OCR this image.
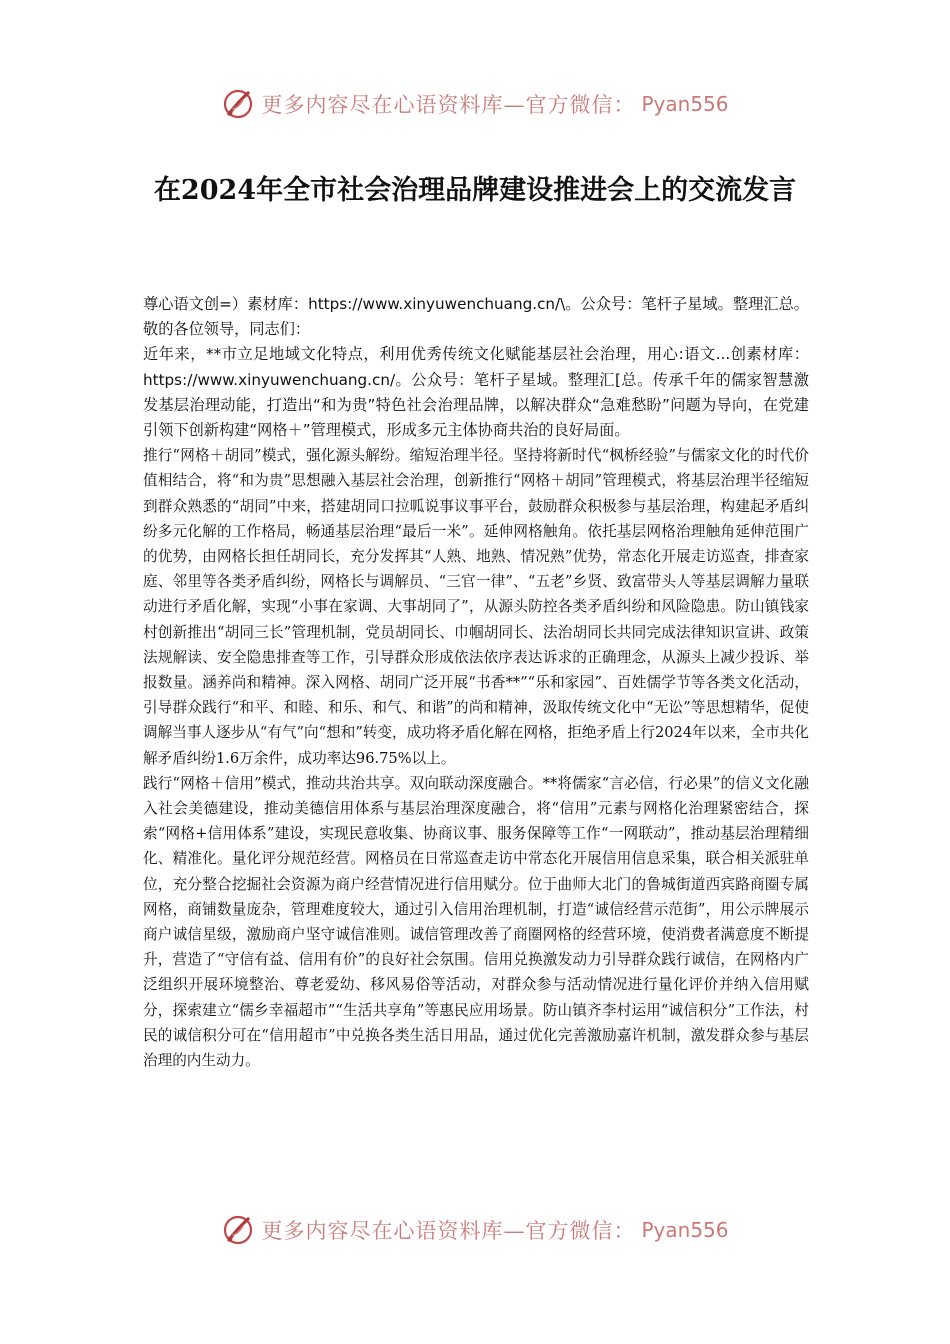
更多内容尽在心语资料库—官方微信： Pyan556
在2024年全市社会治理品牌建设推进会上的交流发言

尊心语文创=）素材库：https://www.xinyuwenchuang.cn/\。公众号：笔杆子星域。整理汇总。敬的各位领导，同志们：

近年来，**市立足地域文化特点，利用优秀传统文化赋能基层社会治理，用心:语文...创素材库：https://www.xinyuwenchuang.cn/。公众号：笔杆子星域。整理汇[总。传承千年的儒家智慧激发基层治理动能，打造出“和为贵”特色社会治理品牌，以解决群众“急难愁盼”问题为导向，在党建引领下创新构建“网格＋”管理模式，形成多元主体协商共治的良好局面。

推行“网格＋胡同”模式，强化源头解纷。缩短治理半径。坚持将新时代“枫桥经验”与儒家文化的时代价值相结合，将“和为贵”思想融入基层社会治理，创新推行“网格＋胡同”管理模式，将基层治理半径缩短到群众熟悉的“胡同”中来，搭建胡同口拉呱说事议事平台，鼓励群众积极参与基层治理，构建起矛盾纠纷多元化解的工作格局，畅通基层治理“最后一米”。延伸网格触角。依托基层网格治理触角延伸范围广的优势，由网格长担任胡同长，充分发挥其“人熟、地熟、情况熟”优势，常态化开展走访巡查，排查家庭、邻里等各类矛盾纠纷，网格长与调解员、“三官一律”、“五老”乡贤、致富带头人等基层调解力量联动进行矛盾化解，实现“小事在家调、大事胡同了”，从源头防控各类矛盾纠纷和风险隐患。防山镇钱家村创新推出“胡同三长”管理机制，党员胡同长、巾帼胡同长、法治胡同长共同完成法律知识宣讲、政策法规解读、安全隐患排查等工作，引导群众形成依法依序表达诉求的正确理念，从源头上减少投诉、举报数量。涵养尚和精神。深入网格、胡同广泛开展“书香**”“乐和家园”、百姓儒学节等各类文化活动，引导群众践行“和平、和睦、和乐、和气、和谐”的尚和精神，汲取传统文化中“无讼”等思想精华，促使调解当事人逐步从“有气”向“想和”转变，成功将矛盾化解在网格，拒绝矛盾上行2024年以来，全市共化解矛盾纠纷1.6万余件，成功率达96.75%以上。

践行“网格＋信用”模式，推动共治共享。双向联动深度融合。**将儒家“言必信，行必果”的信义文化融入社会美德建设，推动美德信用体系与基层治理深度融合，将“信用”元素与网格化治理紧密结合，探索“网格+信用体系”建设，实现民意收集、协商议事、服务保障等工作“一网联动”，推动基层治理精细化、精准化。量化评分规范经营。网格员在日常巡查走访中常态化开展信用信息采集，联合相关派驻单位，充分整合挖掘社会资源为商户经营情况进行信用赋分。位于曲师大北门的鲁城街道西宾路商圈专属网格，商铺数量庞杂，管理难度较大，通过引入信用治理机制，打造“诚信经营示范街”，用公示牌展示商户诚信星级，激励商户坚守诚信准则。诚信管理改善了商圈网格的经营环境，使消费者满意度不断提升，营造了“守信有益、信用有价”的良好社会氛围。信用兑换激发动力引导群众践行诚信，在网格内广泛组织开展环境整治、尊老爱幼、移风易俗等活动，对群众参与活动情况进行量化评价并纳入信用赋分，探索建立“儒乡幸福超市”“生活共享角”等惠民应用场景。防山镇齐李村运用“诚信积分”工作法，村民的诚信积分可在“信用超市”中兑换各类生活日用品，通过优化完善激励嘉许机制，激发群众参与基层治理的内生动力。

更多内容尽在心语资料库—官方微信： Pyan556
